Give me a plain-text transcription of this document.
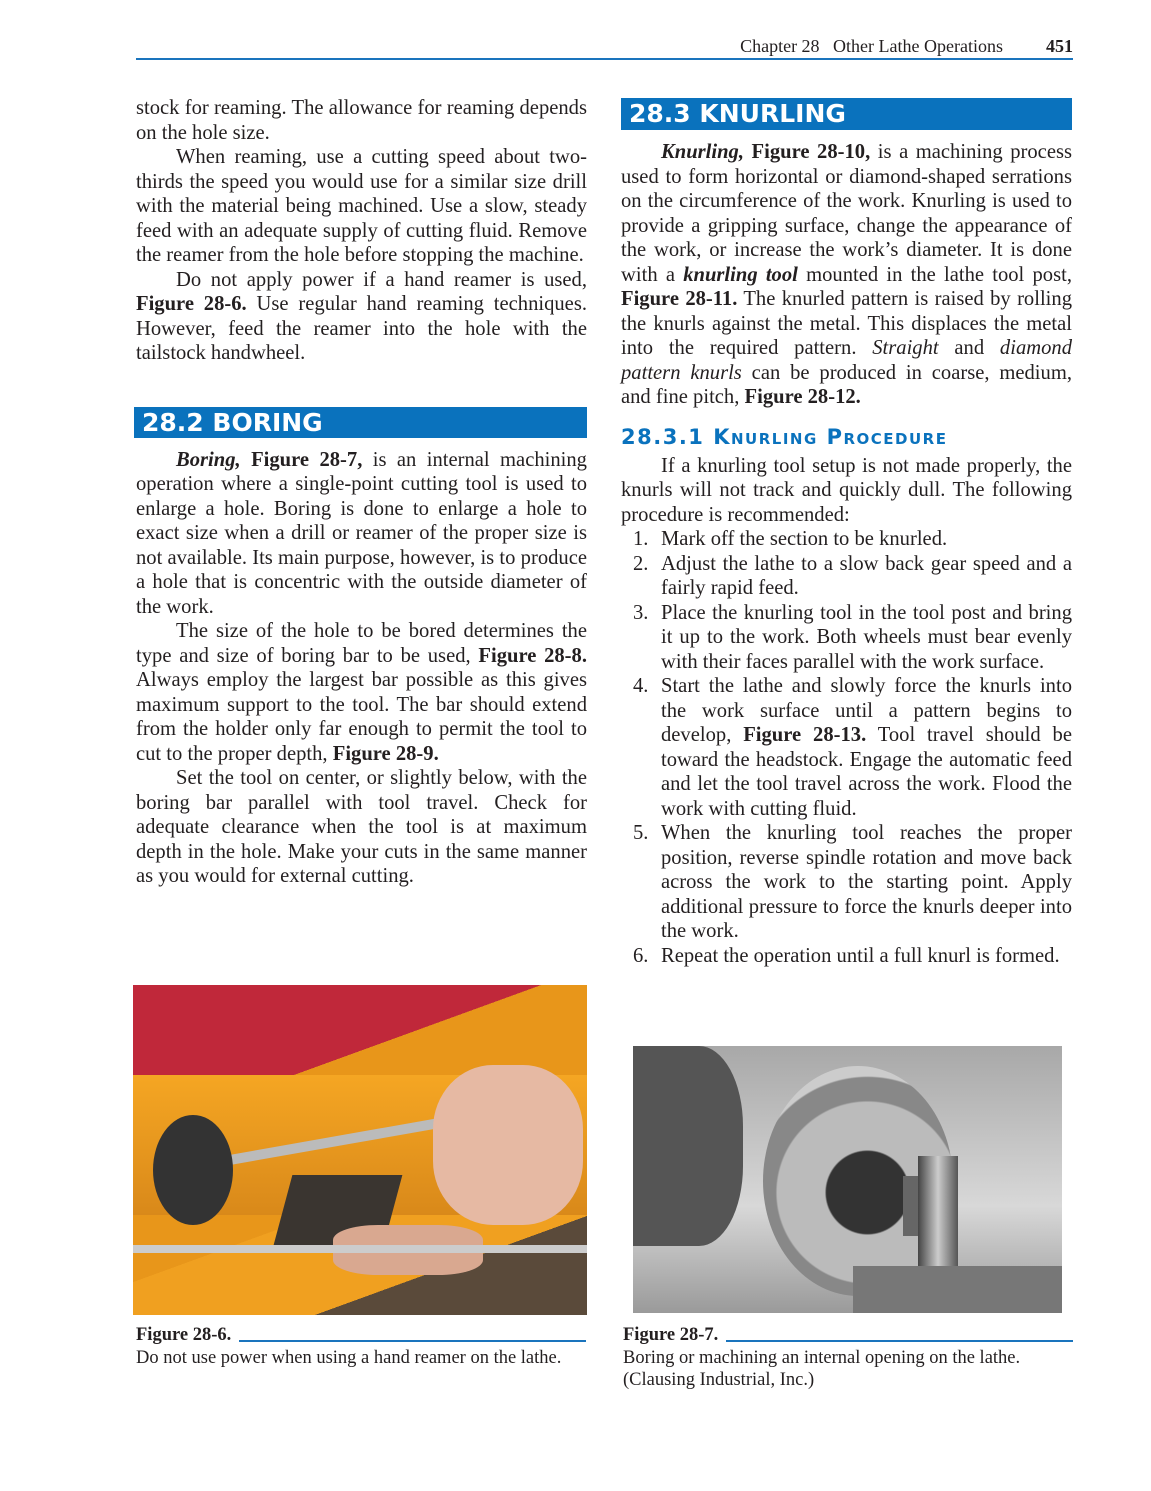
Chapter 28   Other Lathe Operations 451

stock for reaming. The allowance for reaming depends on the hole size.

When reaming, use a cutting speed about two-thirds the speed you would use for a similar size drill with the material being machined. Use a slow, steady feed with an adequate supply of cutting fluid. Remove the reamer from the hole before stopping the machine.

Do not apply power if a hand reamer is used, Figure 28-6. Use regular hand reaming techniques. However, feed the reamer into the hole with the tailstock handwheel.

28.2 BORING

Boring, Figure 28-7, is an internal machining operation where a single-point cutting tool is used to enlarge a hole. Boring is done to enlarge a hole to exact size when a drill or reamer of the proper size is not available. Its main purpose, however, is to produce a hole that is concentric with the outside diameter of the work.

The size of the hole to be bored determines the type and size of boring bar to be used, Figure 28-8. Always employ the largest bar possible as this gives maximum support to the tool. The bar should extend from the holder only far enough to permit the tool to cut to the proper depth, Figure 28-9.

Set the tool on center, or slightly below, with the boring bar parallel with tool travel. Check for adequate clearance when the tool is at maximum depth in the hole. Make your cuts in the same manner as you would for external cutting.

28.3 KNURLING

Knurling, Figure 28-10, is a machining process used to form horizontal or diamond-shaped serrations on the circumference of the work. Knurling is used to provide a gripping surface, change the appearance of the work, or increase the work’s diameter. It is done with a knurling tool mounted in the lathe tool post, Figure 28-11. The knurled pattern is raised by rolling the knurls against the metal. This displaces the metal into the required pattern. Straight and diamond pattern knurls can be produced in coarse, medium, and fine pitch, Figure 28-12.

28.3.1 Knurling Procedure

If a knurling tool setup is not made properly, the knurls will not track and quickly dull. The following procedure is recommended:

1. Mark off the section to be knurled.
2. Adjust the lathe to a slow back gear speed and a fairly rapid feed.
3. Place the knurling tool in the tool post and bring it up to the work. Both wheels must bear evenly with their faces parallel with the work surface.
4. Start the lathe and slowly force the knurls into the work surface until a pattern begins to develop, Figure 28-13. Tool travel should be toward the headstock. Engage the automatic feed and let the tool travel across the work. Flood the work with cutting fluid.
5. When the knurling tool reaches the proper position, reverse spindle rotation and move back across the work to the starting point. Apply additional pressure to force the knurls deeper into the work.
6. Repeat the operation until a full knurl is formed.
Figure 28-6.
Do not use power when using a hand reamer on the lathe.
Figure 28-7.
Boring or machining an internal opening on the lathe. (Clausing Industrial, Inc.)
